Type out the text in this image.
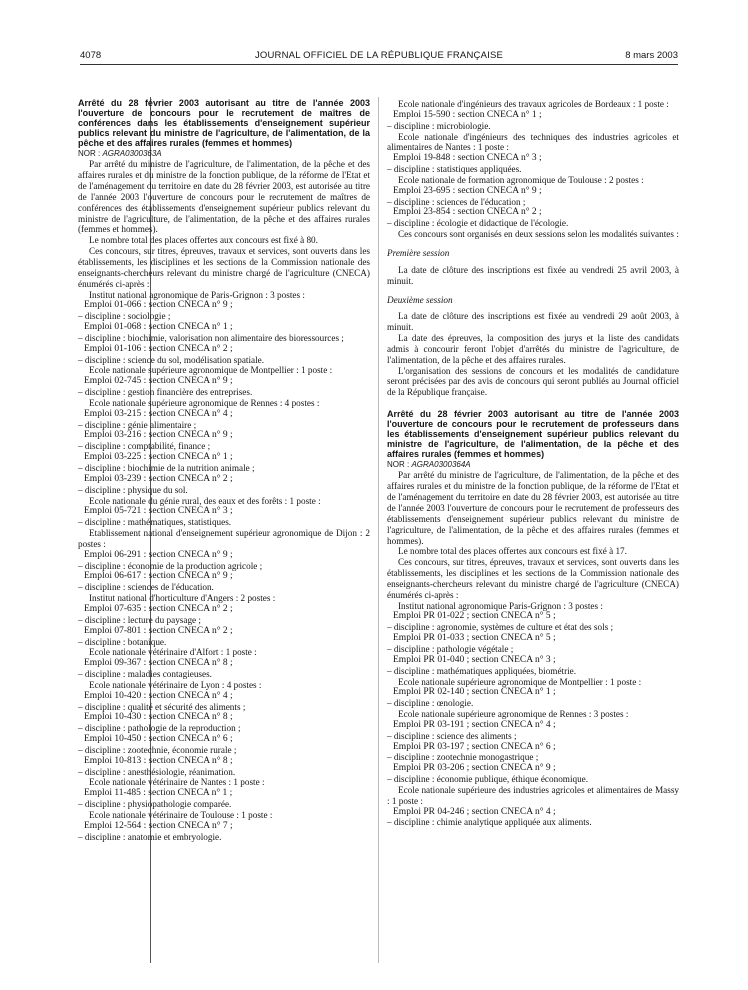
4078	JOURNAL OFFICIEL DE LA RÉPUBLIQUE FRANÇAISE	8 mars 2003

Arrêté du 28 février 2003 autorisant au titre de l'année 2003 l'ouverture de concours pour le recrutement de maîtres de conférences dans les établissements d'enseignement supérieur publics relevant du ministre de l'agriculture, de l'alimentation, de la pêche et des affaires rurales (femmes et hommes)

NOR : AGRA0300363A

Par arrêté du ministre de l'agriculture, de l'alimentation, de la pêche et des affaires rurales et du ministre de la fonction publique, de la réforme de l'Etat et de l'aménagement du territoire en date du 28 février 2003, est autorisée au titre de l'année 2003 l'ouverture de concours pour le recrutement de maîtres de conférences des établissements d'enseignement supérieur publics relevant du ministre de l'agriculture, de l'alimentation, de la pêche et des affaires rurales (femmes et hommes).

Le nombre total des places offertes aux concours est fixé à 80.

Ces concours, sur titres, épreuves, travaux et services, sont ouverts dans les établissements, les disciplines et les sections de la Commission nationale des enseignants-chercheurs relevant du ministre chargé de l'agriculture (CNECA) énumérés ci-après :

Institut national agronomique de Paris-Grignon : 3 postes :

Emploi 01-066 : section CNECA n° 9 ;

– discipline : sociologie ;

Emploi 01-068 : section CNECA n° 1 ;

– discipline : biochimie, valorisation non alimentaire des bioressources ;

Emploi 01-106 : section CNECA n° 2 ;

– discipline : science du sol, modélisation spatiale.

Ecole nationale supérieure agronomique de Montpellier : 1 poste :

Emploi 02-745 : section CNECA n° 9 ;

– discipline : gestion financière des entreprises.

Ecole nationale supérieure agronomique de Rennes : 4 postes :

Emploi 03-215 : section CNECA n° 4 ;

– discipline : génie alimentaire ;

Emploi 03-216 : section CNECA n° 9 ;

– discipline : comptabilité, finance ;

Emploi 03-225 : section CNECA n° 1 ;

– discipline : biochimie de la nutrition animale ;

Emploi 03-239 : section CNECA n° 2 ;

– discipline : physique du sol.

Ecole nationale du génie rural, des eaux et des forêts : 1 poste :

Emploi 05-721 : section CNECA n° 3 ;

– discipline : mathématiques, statistiques.

Etablissement national d'enseignement supérieur agronomique de Dijon : 2 postes :

Emploi 06-291 : section CNECA n° 9 ;

– discipline : économie de la production agricole ;

Emploi 06-617 : section CNECA n° 9 ;

– discipline : sciences de l'éducation.

Institut national d'horticulture d'Angers : 2 postes :

Emploi 07-635 : section CNECA n° 2 ;

– discipline : lecture du paysage ;

Emploi 07-801 : section CNECA n° 2 ;

– discipline : botanique.

Ecole nationale vétérinaire d'Alfort : 1 poste :

Emploi 09-367 : section CNECA n° 8 ;

– discipline : maladies contagieuses.

Ecole nationale vétérinaire de Lyon : 4 postes :

Emploi 10-420 : section CNECA n° 4 ;

– discipline : qualité et sécurité des aliments ;

Emploi 10-430 : section CNECA n° 8 ;

– discipline : pathologie de la reproduction ;

Emploi 10-450 : section CNECA n° 6 ;

– discipline : zootechnie, économie rurale ;

Emploi 10-813 : section CNECA n° 8 ;

– discipline : anesthésiologie, réanimation.

Ecole nationale vétérinaire de Nantes : 1 poste :

Emploi 11-485 : section CNECA n° 1 ;

– discipline : physiopathologie comparée.

Ecole nationale vétérinaire de Toulouse : 1 poste :

Emploi 12-564 : section CNECA n° 7 ;

– discipline : anatomie et embryologie.

Ecole nationale d'ingénieurs des travaux agricoles de Bordeaux : 1 poste :

Emploi 15-590 : section CNECA n° 1 ;

– discipline : microbiologie.

Ecole nationale d'ingénieurs des techniques des industries agricoles et alimentaires de Nantes : 1 poste :

Emploi 19-848 : section CNECA n° 3 ;

– discipline : statistiques appliquées.

Ecole nationale de formation agronomique de Toulouse : 2 postes :

Emploi 23-695 : section CNECA n° 9 ;

– discipline : sciences de l'éducation ;

Emploi 23-854 : section CNECA n° 2 ;

– discipline : écologie et didactique de l'écologie.

Ces concours sont organisés en deux sessions selon les modalités suivantes :

Première session

La date de clôture des inscriptions est fixée au vendredi 25 avril 2003, à minuit.

Deuxième session

La date de clôture des inscriptions est fixée au vendredi 29 août 2003, à minuit.

La date des épreuves, la composition des jurys et la liste des candidats admis à concourir feront l'objet d'arrêtés du ministre de l'agriculture, de l'alimentation, de la pêche et des affaires rurales.

L'organisation des sessions de concours et les modalités de candidature seront précisées par des avis de concours qui seront publiés au Journal officiel de la République française.

Arrêté du 28 février 2003 autorisant au titre de l'année 2003 l'ouverture de concours pour le recrutement de professeurs dans les établissements d'enseignement supérieur publics relevant du ministre de l'agriculture, de l'alimentation, de la pêche et des affaires rurales (femmes et hommes)

NOR : AGRA0300364A

Par arrêté du ministre de l'agriculture, de l'alimentation, de la pêche et des affaires rurales et du ministre de la fonction publique, de la réforme de l'Etat et de l'aménagement du territoire en date du 28 février 2003, est autorisée au titre de l'année 2003 l'ouverture de concours pour le recrutement de professeurs des établissements d'enseignement supérieur publics relevant du ministre de l'agriculture, de l'alimentation, de la pêche et des affaires rurales (femmes et hommes).

Le nombre total des places offertes aux concours est fixé à 17.

Ces concours, sur titres, épreuves, travaux et services, sont ouverts dans les établissements, les disciplines et les sections de la Commission nationale des enseignants-chercheurs relevant du ministre chargé de l'agriculture (CNECA) énumérés ci-après :

Institut national agronomique Paris-Grignon : 3 postes :

Emploi PR 01-022 ; section CNECA n° 5 ;

– discipline : agronomie, systèmes de culture et état des sols ;

Emploi PR 01-033 ; section CNECA n° 5 ;

– discipline : pathologie végétale ;

Emploi PR 01-040 ; section CNECA n° 3 ;

– discipline : mathématiques appliquées, biométrie.

Ecole nationale supérieure agronomique de Montpellier : 1 poste :

Emploi PR 02-140 ; section CNECA n° 1 ;

– discipline : œnologie.

Ecole nationale supérieure agronomique de Rennes : 3 postes :

Emploi PR 03-191 ; section CNECA n° 4 ;

– discipline : science des aliments ;

Emploi PR 03-197 ; section CNECA n° 6 ;

– discipline : zootechnie monogastrique ;

Emploi PR 03-206 ; section CNECA n° 9 ;

– discipline : économie publique, éthique économique.

Ecole nationale supérieure des industries agricoles et alimentaires de Massy : 1 poste :

Emploi PR 04-246 ; section CNECA n° 4 ;

– discipline : chimie analytique appliquée aux aliments.
